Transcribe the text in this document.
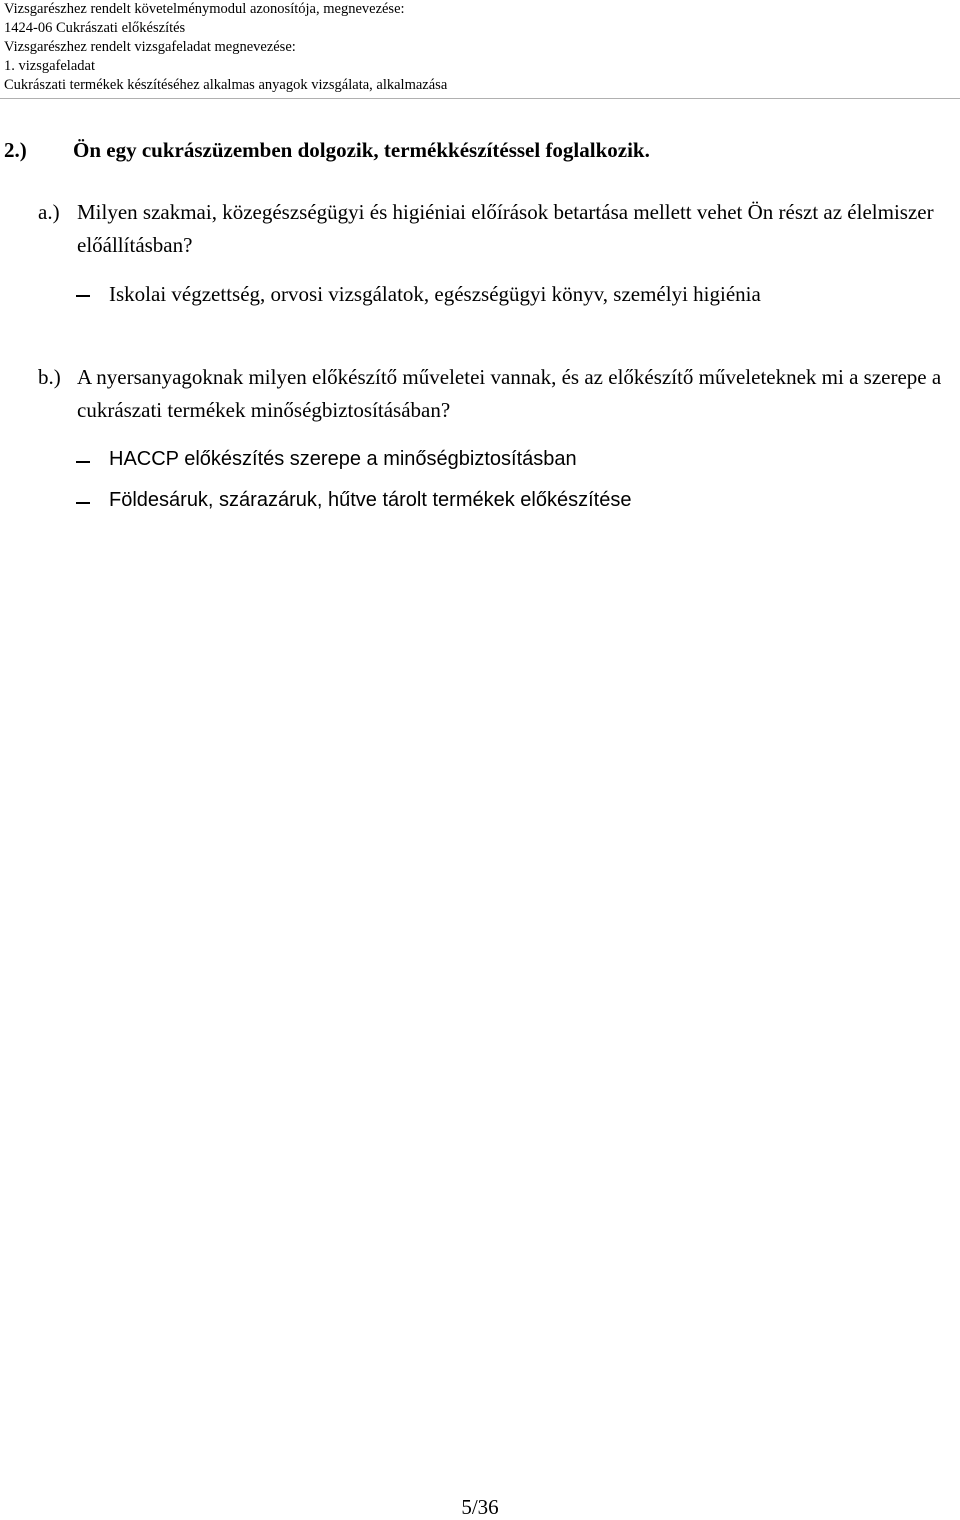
Vizsgarészhez rendelt követelménymodul azonosítója, megnevezése:
1424-06 Cukrászati előkészítés
Vizsgarészhez rendelt vizsgafeladat megnevezése:
1. vizsgafeladat
Cukrászati termékek készítéséhez alkalmas anyagok vizsgálata, alkalmazása
2.) Ön egy cukrászüzemben dolgozik, termékkészítéssel foglalkozik.
a.) Milyen szakmai, közegészségügyi és higiéniai előírások betartása mellett vehet Ön részt az élelmiszer előállításban?
Iskolai végzettség, orvosi vizsgálatok, egészségügyi könyv, személyi higiénia
b.) A nyersanyagoknak milyen előkészítő műveletei vannak, és az előkészítő műveleteknek mi a szerepe a cukrászati termékek minőségbiztosításában?
HACCP előkészítés szerepe a minőségbiztosításban
Földesáruk, szárazáruk, hűtve tárolt termékek előkészítése
5/36
